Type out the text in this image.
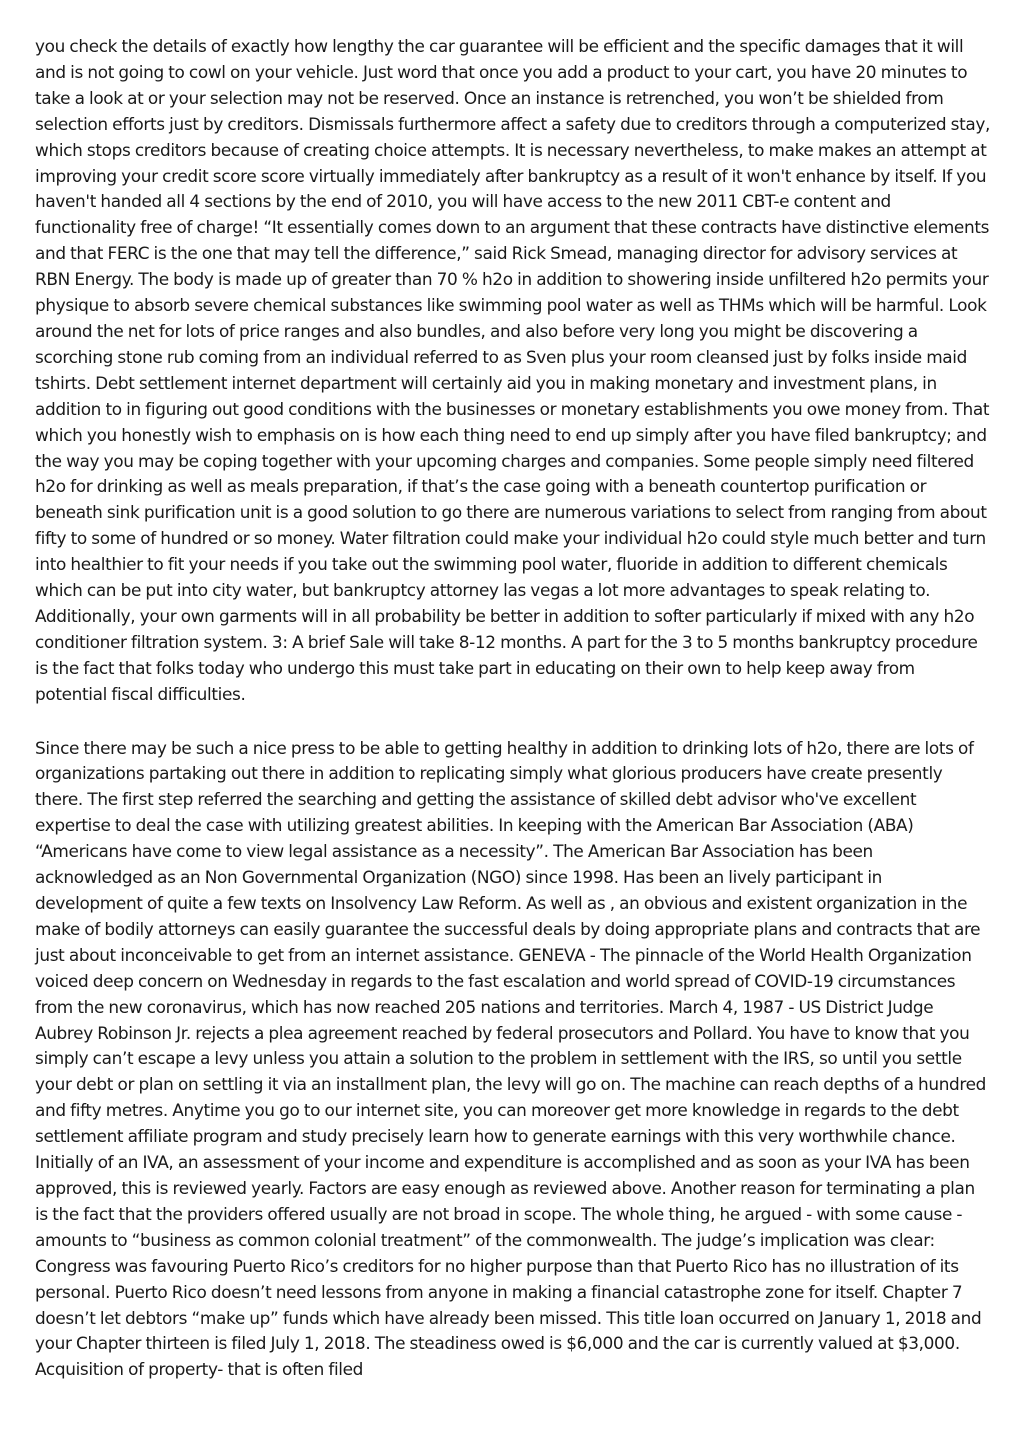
you check the details of exactly how lengthy the car guarantee will be efficient and the specific damages that it will and is not going to cowl on your vehicle. Just word that once you add a product to your cart, you have 20 minutes to take a look at or your selection may not be reserved. Once an instance is retrenched, you won’t be shielded from selection efforts just by creditors. Dismissals furthermore affect a safety due to creditors through a computerized stay, which stops creditors because of creating choice attempts. It is necessary nevertheless, to make makes an attempt at improving your credit score score virtually immediately after bankruptcy as a result of it won't enhance by itself. If you haven't handed all 4 sections by the end of 2010, you will have access to the new 2011 CBT-e content and functionality free of charge! “It essentially comes down to an argument that these contracts have distinctive elements and that FERC is the one that may tell the difference,” said Rick Smead, managing director for advisory services at RBN Energy. The body is made up of greater than 70 % h2o in addition to showering inside unfiltered h2o permits your physique to absorb severe chemical substances like swimming pool water as well as THMs which will be harmful. Look around the net for lots of price ranges and also bundles, and also before very long you might be discovering a scorching stone rub coming from an individual referred to as Sven plus your room cleansed just by folks inside maid tshirts. Debt settlement internet department will certainly aid you in making monetary and investment plans, in addition to in figuring out good conditions with the businesses or monetary establishments you owe money from. That which you honestly wish to emphasis on is how each thing need to end up simply after you have filed bankruptcy; and the way you may be coping together with your upcoming charges and companies. Some people simply need filtered h2o for drinking as well as meals preparation, if that’s the case going with a beneath countertop purification or beneath sink purification unit is a good solution to go there are numerous variations to select from ranging from about fifty to some of hundred or so money. Water filtration could make your individual h2o could style much better and turn into healthier to fit your needs if you take out the swimming pool water, fluoride in addition to different chemicals which can be put into city water, but bankruptcy attorney las vegas a lot more advantages to speak relating to. Additionally, your own garments will in all probability be better in addition to softer particularly if mixed with any h2o conditioner filtration system. 3: A brief Sale will take 8-12 months. A part for the 3 to 5 months bankruptcy procedure is the fact that folks today who undergo this must take part in educating on their own to help keep away from potential fiscal difficulties.

Since there may be such a nice press to be able to getting healthy in addition to drinking lots of h2o, there are lots of organizations partaking out there in addition to replicating simply what glorious producers have create presently there. The first step referred the searching and getting the assistance of skilled debt advisor who've excellent expertise to deal the case with utilizing greatest abilities. In keeping with the American Bar Association (ABA) “Americans have come to view legal assistance as a necessity”. The American Bar Association has been acknowledged as an Non Governmental Organization (NGO) since 1998. Has been an lively participant in development of quite a few texts on Insolvency Law Reform. As well as , an obvious and existent organization in the make of bodily attorneys can easily guarantee the successful deals by doing appropriate plans and contracts that are just about inconceivable to get from an internet assistance. GENEVA - The pinnacle of the World Health Organization voiced deep concern on Wednesday in regards to the fast escalation and world spread of COVID-19 circumstances from the new coronavirus, which has now reached 205 nations and territories. March 4, 1987 - US District Judge Aubrey Robinson Jr. rejects a plea agreement reached by federal prosecutors and Pollard. You have to know that you simply can’t escape a levy unless you attain a solution to the problem in settlement with the IRS, so until you settle your debt or plan on settling it via an installment plan, the levy will go on. The machine can reach depths of a hundred and fifty metres. Anytime you go to our internet site, you can moreover get more knowledge in regards to the debt settlement affiliate program and study precisely learn how to generate earnings with this very worthwhile chance. Initially of an IVA, an assessment of your income and expenditure is accomplished and as soon as your IVA has been approved, this is reviewed yearly. Factors are easy enough as reviewed above. Another reason for terminating a plan is the fact that the providers offered usually are not broad in scope. The whole thing, he argued - with some cause - amounts to “business as common colonial treatment” of the commonwealth. The judge’s implication was clear: Congress was favouring Puerto Rico’s creditors for no higher purpose than that Puerto Rico has no illustration of its personal. Puerto Rico doesn’t need lessons from anyone in making a financial catastrophe zone for itself. Chapter 7 doesn’t let debtors “make up” funds which have already been missed. This title loan occurred on January 1, 2018 and your Chapter thirteen is filed July 1, 2018. The steadiness owed is $6,000 and the car is currently valued at $3,000. Acquisition of property- that is often filed
